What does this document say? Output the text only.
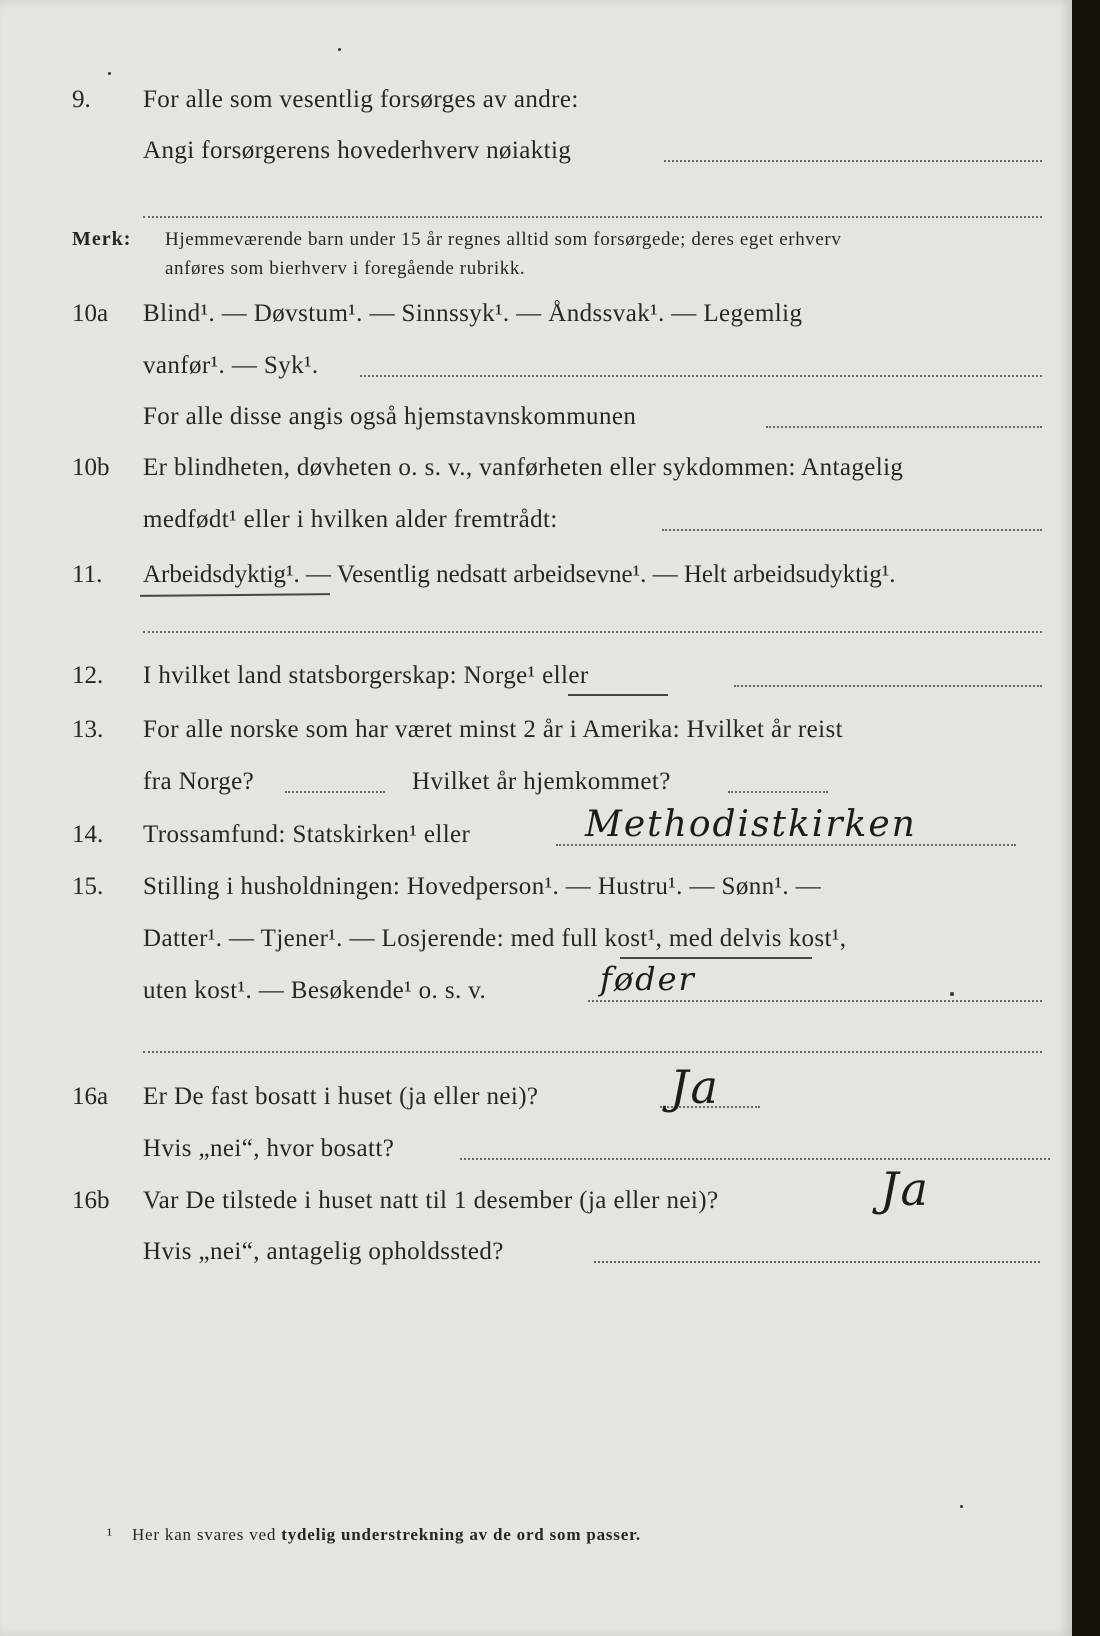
9. For alle som vesentlig forsørges av andre:
Angi forsørgerens hovederhverv nøiaktig
Merk: Hjemmeværende barn under 15 år regnes alltid som forsørgede; deres eget erhverv
anføres som bierhverv i foregående rubrikk.
10a Blind¹. — Døvstum¹. — Sinnssyk¹. — Åndssvak¹. — Legemlig
vanfør¹. — Syk¹.
For alle disse angis også hjemstavnskommunen
10b Er blindheten, døvheten o. s. v., vanførheten eller sykdommen: Antagelig
medfødt¹ eller i hvilken alder fremtrådt:
11. Arbeidsdyktig¹. — Vesentlig nedsatt arbeidsevne¹. — Helt arbeidsudyktig¹.
12. I hvilket land statsborgerskap: Norge¹ eller
13. For alle norske som har været minst 2 år i Amerika: Hvilket år reist
fra Norge?	Hvilket år hjemkommet?
14. Trossamfund: Statskirken¹ eller	Methodistkirken
15. Stilling i husholdningen: Hovedperson¹. — Hustru¹. — Sønn¹. —
Datter¹. — Tjener¹. — Losjerende: med full kost¹, med delvis kost¹,
uten kost¹. — Besøkende¹ o. s. v.	føder
16a Er De fast bosatt i huset (ja eller nei)?	Ja
Hvis „nei“, hvor bosatt?
16b Var De tilstede i huset natt til 1 desember (ja eller nei)?	Ja
Hvis „nei“, antagelig opholdssted?
¹ Her kan svares ved tydelig understrekning av de ord som passer.
